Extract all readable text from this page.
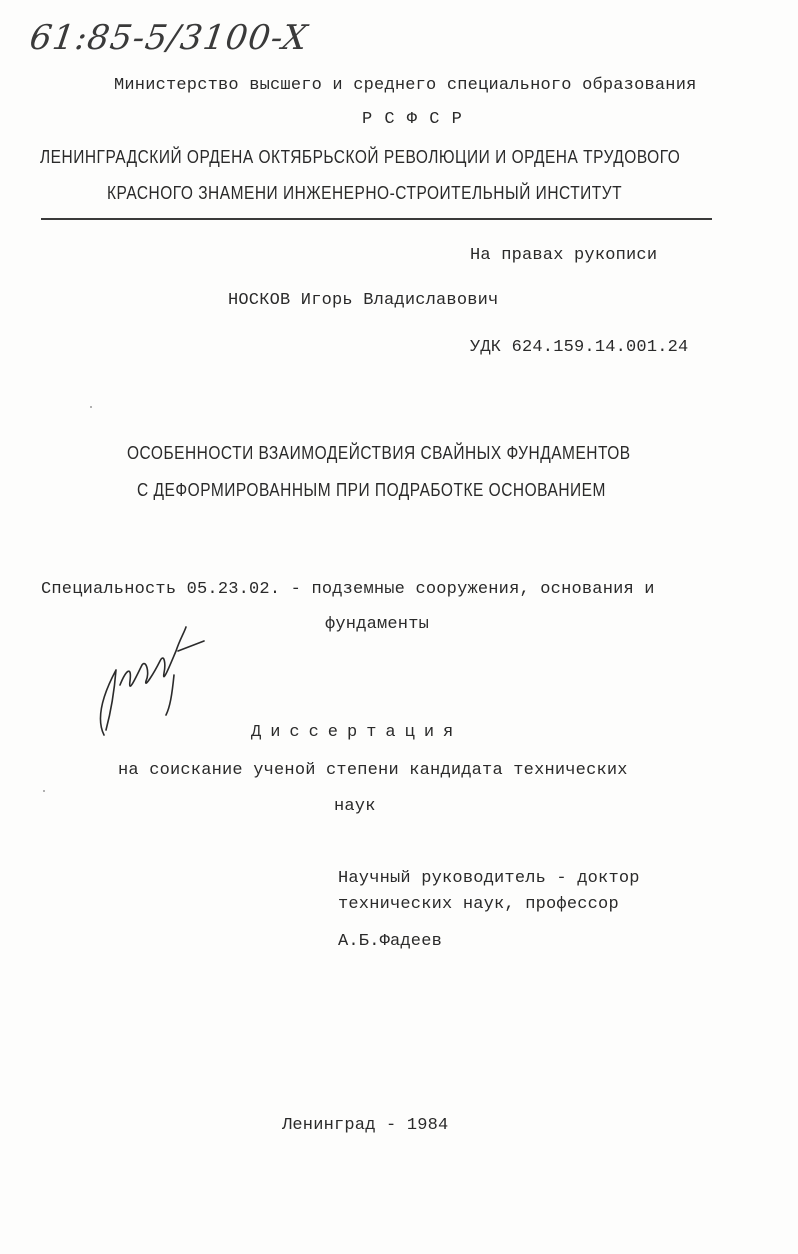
61:85-5/3100-X
Министерство высшего и среднего специального образования
Р С Ф С Р
ЛЕНИНГРАДСКИЙ ОРДЕНА ОКТЯБРЬСКОЙ РЕВОЛЮЦИИ И ОРДЕНА ТРУДОВОГО
КРАСНОГО ЗНАМЕНИ ИНЖЕНЕРНО-СТРОИТЕЛЬНЫЙ ИНСТИТУТ
На правах рукописи
НОСКОВ Игорь Владиславович
УДК 624.159.14.001.24
ОСОБЕННОСТИ ВЗАИМОДЕЙСТВИЯ СВАЙНЫХ ФУНДАМЕНТОВ
С ДЕФОРМИРОВАННЫМ ПРИ ПОДРАБОТКЕ ОСНОВАНИЕМ
Специальность 05.23.02. - подземные сооружения, основания и
фундаменты
Диссертация
на соискание ученой степени кандидата технических
наук
Научный руководитель - доктор
технических наук, профессор
А.Б.Фадеев
Ленинград - 1984
